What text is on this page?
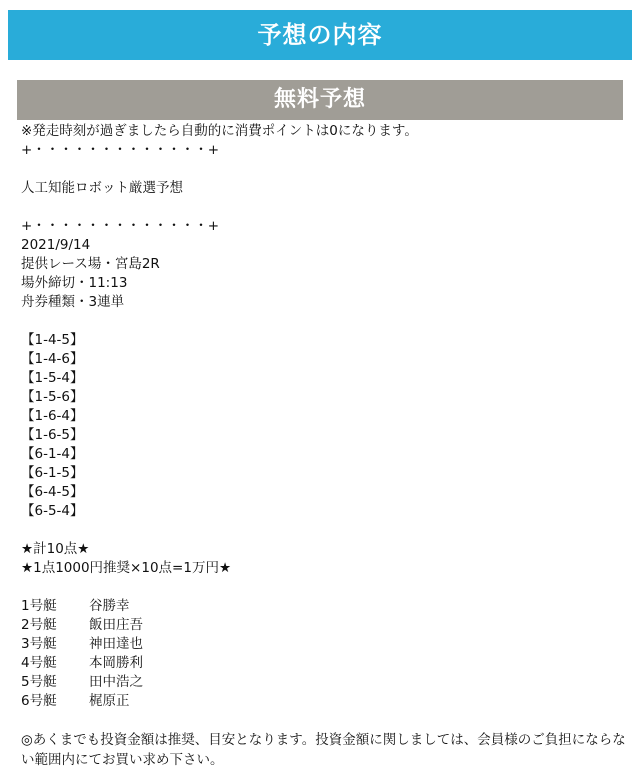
予想の内容
無料予想
※発走時刻が過ぎましたら自動的に消費ポイントは0になります。
+・・・・・・・・・・・・・+
人工知能ロボット厳選予想
+・・・・・・・・・・・・・+
2021/9/14
提供レース場・宮島2R
場外締切・11:13
舟券種類・3連単
【1-4-5】
【1-4-6】
【1-5-4】
【1-5-6】
【1-6-4】
【1-6-5】
【6-1-4】
【6-1-5】
【6-4-5】
【6-5-4】
★計10点★
★1点1000円推奨×10点=1万円★
1号艇 谷勝幸
2号艇 飯田庄吾
3号艇 神田達也
4号艇 本岡勝利
5号艇 田中浩之
6号艇 梶原正
◎あくまでも投資金額は推奨、目安となります。投資金額に関しましては、会員様のご負担にならない範囲内にてお買い求め下さい。
